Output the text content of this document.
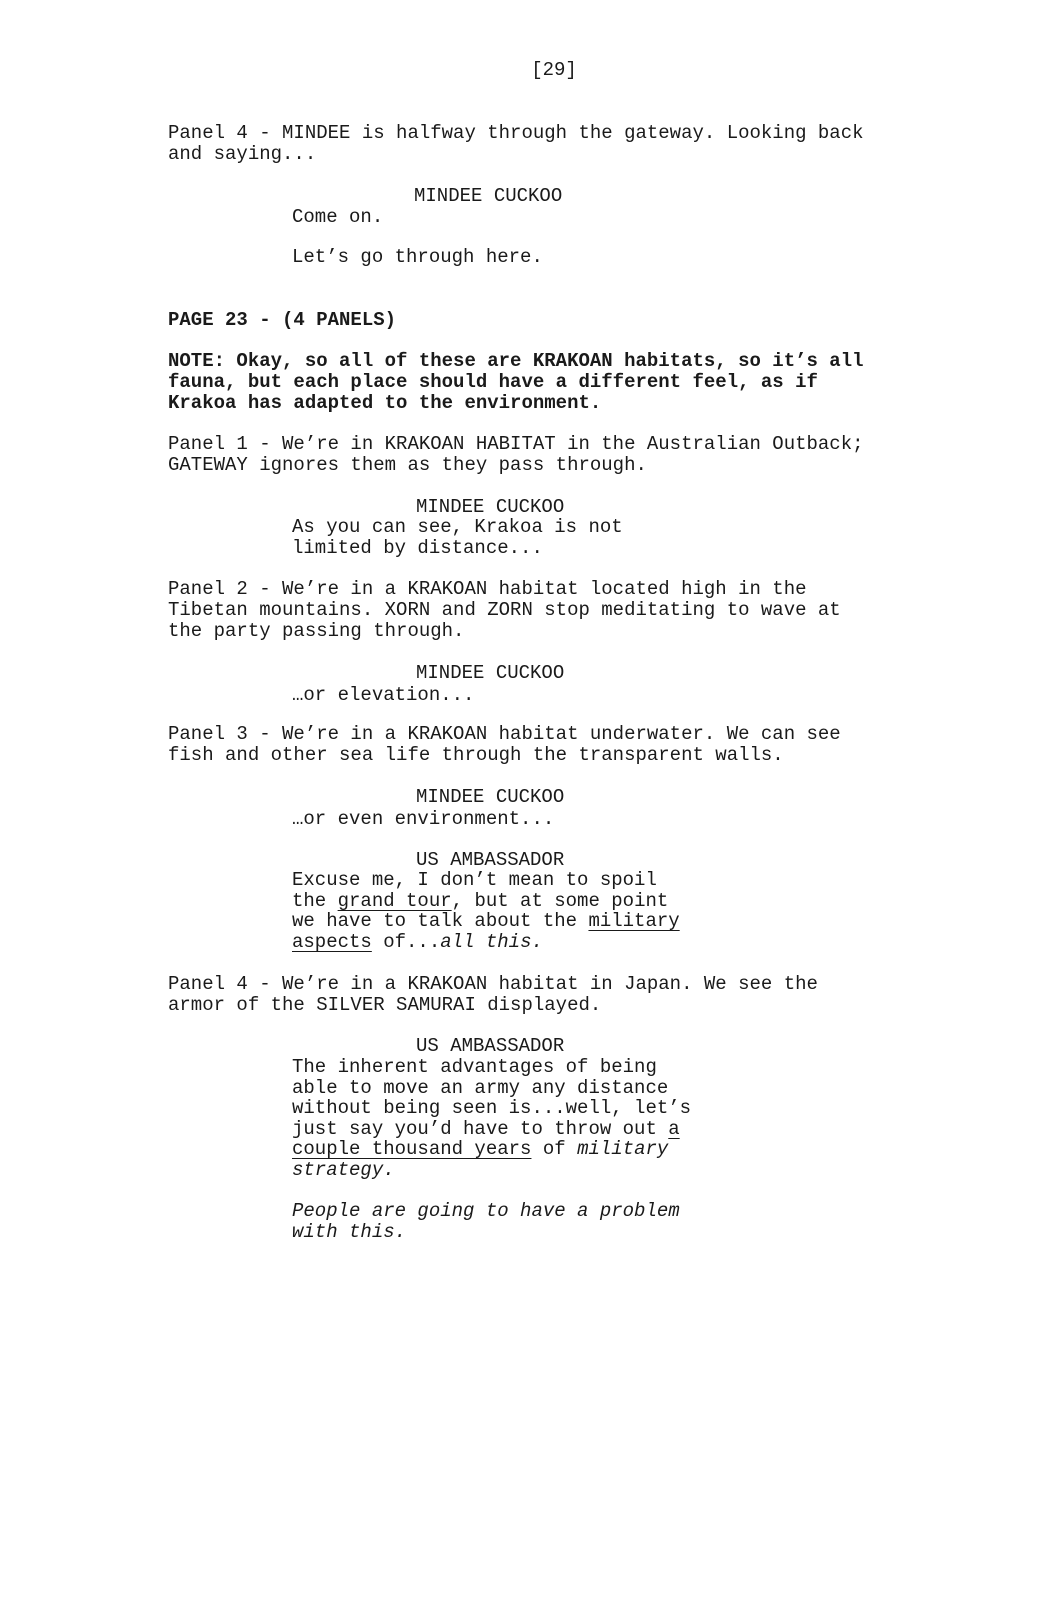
[29]
Panel 4 - MINDEE is halfway through the gateway. Looking back
and saying...
MINDEE CUCKOO
Come on.
Let’s go through here.
PAGE 23 - (4 PANELS)
NOTE: Okay, so all of these are KRAKOAN habitats, so it’s all
fauna, but each place should have a different feel, as if
Krakoa has adapted to the environment.
Panel 1 - We’re in KRAKOAN HABITAT in the Australian Outback;
GATEWAY ignores them as they pass through.
MINDEE CUCKOO
As you can see, Krakoa is not
limited by distance...
Panel 2 - We’re in a KRAKOAN habitat located high in the
Tibetan mountains. XORN and ZORN stop meditating to wave at
the party passing through.
MINDEE CUCKOO
…or elevation...
Panel 3 - We’re in a KRAKOAN habitat underwater. We can see
fish and other sea life through the transparent walls.
MINDEE CUCKOO
…or even environment...
US AMBASSADOR
Excuse me, I don’t mean to spoil
the grand tour, but at some point
we have to talk about the military
aspects of...all this.
Panel 4 - We’re in a KRAKOAN habitat in Japan. We see the
armor of the SILVER SAMURAI displayed.
US AMBASSADOR
The inherent advantages of being
able to move an army any distance
without being seen is...well, let’s
just say you’d have to throw out a
couple thousand years of military
strategy.
People are going to have a problem
with this.
